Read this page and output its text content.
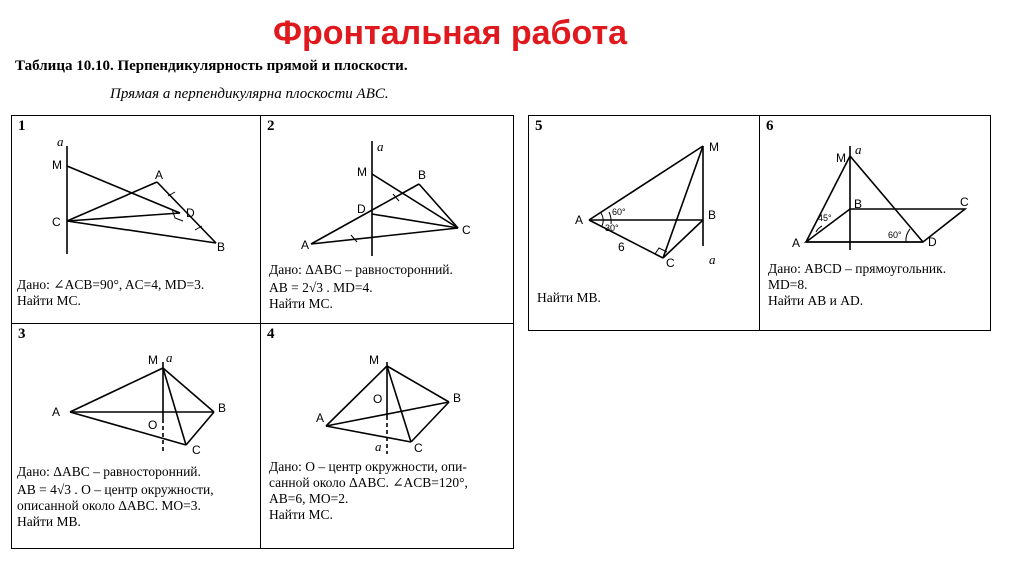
Фронтальная работа
Таблица 10.10. Перпендикулярность прямой и плоскости.
Прямая a перпендикулярна плоскости ABC.
1
a
M
A
C
D
B
Дано: ∠ACB=90°, AC=4, MD=3.
Найти MC.
2
a
M	B
D
C
A
Дано: ΔABC – равносторонний.
AB = 2√3 . MD=4.
Найти MC.
3
a
M
A	B
O
C
Дано: ΔABC – равносторонний.
AB = 4√3 . O – центр окружности,
описанной около ΔABC. MO=3.
Найти MB.
4
M
A
B
O
C
a
Дано: O – центр окружности, опи-
санной около ΔABC. ∠ACB=120°,
AB=6, MO=2.
Найти MC.
5
M
A	B
C
60°
30°
6
a
Найти MB.
6
a
M
B	C
A	D
45°
60°
Дано: ABCD – прямоугольник.
MD=8.
Найти AB и AD.
